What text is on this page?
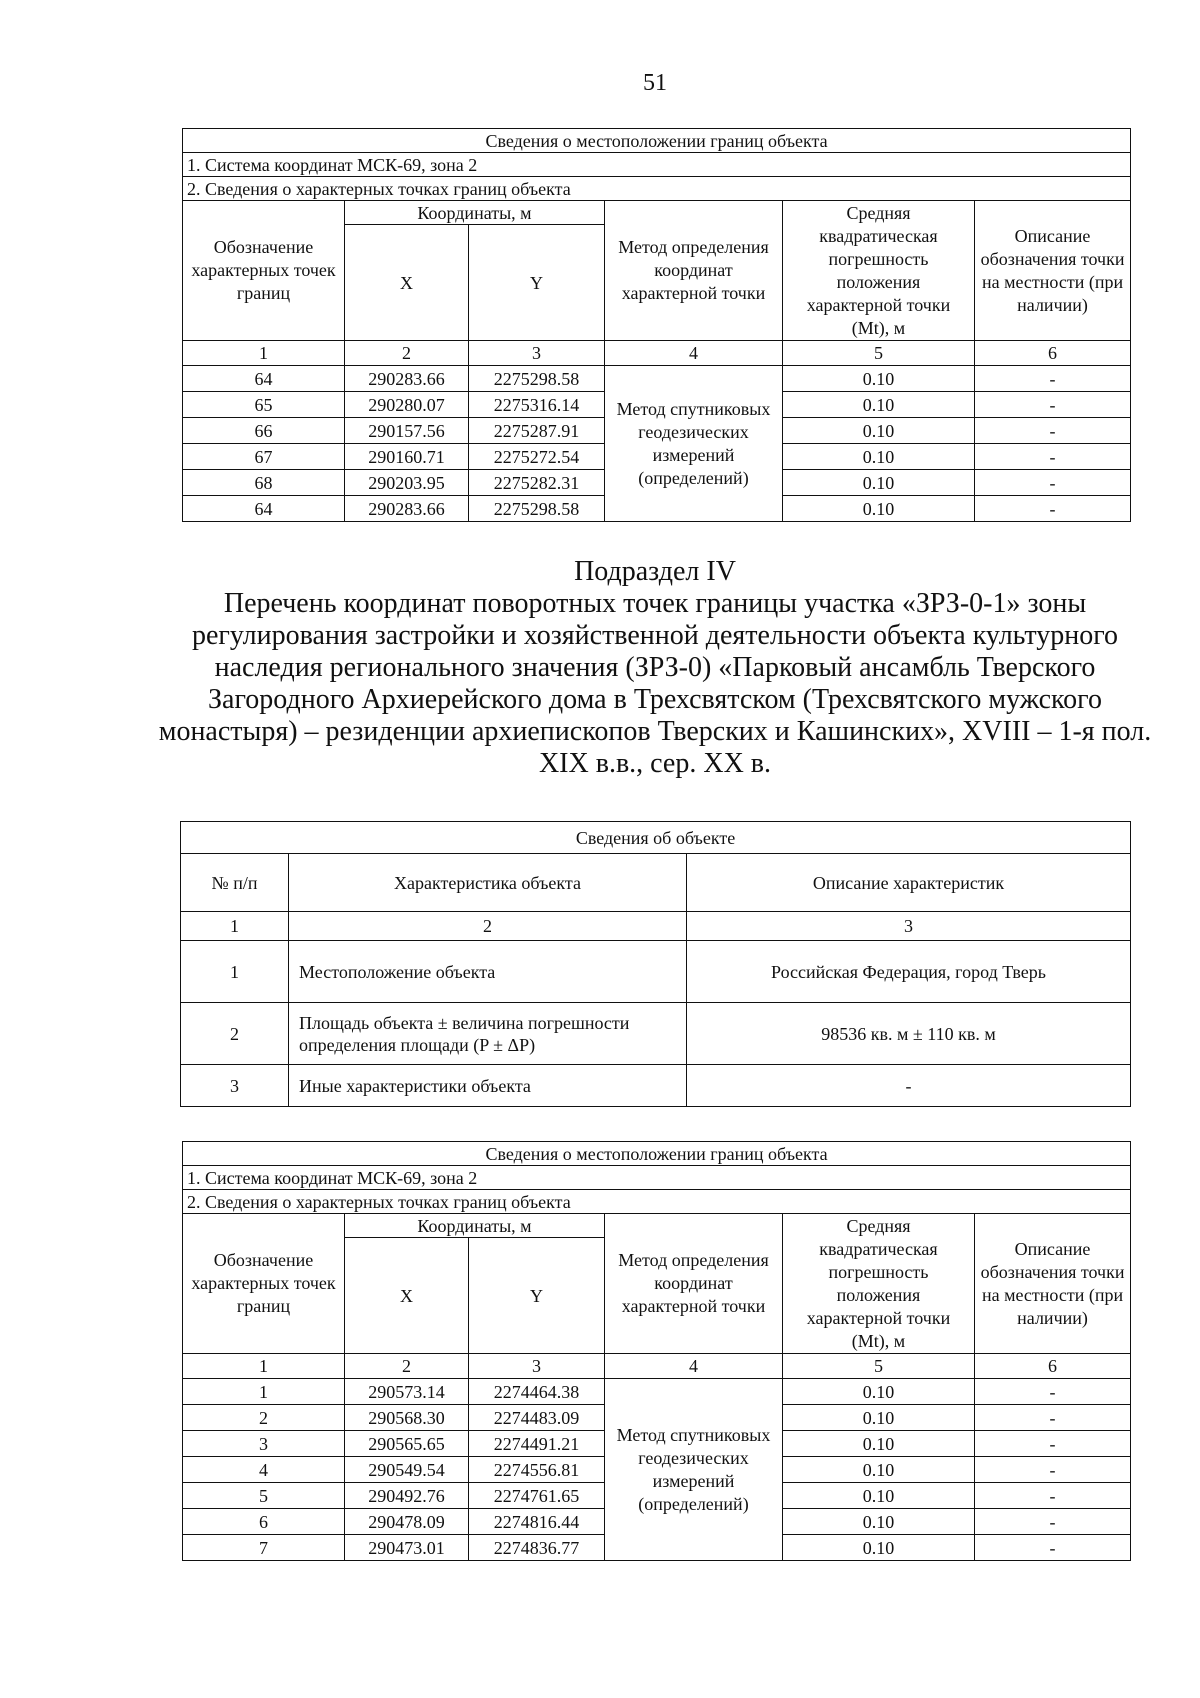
51
Сведения о местоположении границ объекта					
1. Система координат МСК-69, зона 2					
2. Сведения о характерных точках границ объекта					
Обозначение характерных точек границ	Координаты, м		Метод определения координат характерной точки	Средняя квадратическая погрешность положения характерной точки (Mt), м	Описание обозначения точки на местности (при наличии)
	X	Y			
1	2	3	4	5	6
64	290283.66	2275298.58	Метод спутниковых геодезических измерений (определений)	0.10	-
65	290280.07	2275316.14		0.10	-
66	290157.56	2275287.91		0.10	-
67	290160.71	2275272.54		0.10	-
68	290203.95	2275282.31		0.10	-
64	290283.66	2275298.58		0.10	-
Подраздел IV
Перечень координат поворотных точек границы участка «ЗРЗ-0-1» зоны регулирования застройки и хозяйственной деятельности объекта культурного наследия регионального значения (ЗРЗ-0) «Парковый ансамбль Тверского Загородного Архиерейского дома в Трехсвятском (Трехсвятского мужского монастыря) – резиденции архиепископов Тверских и Кашинских», XVIII – 1-я пол. XIX в.в., сер. XX в.
Сведения об объекте		
№ п/п	Характеристика объекта	Описание характеристик
1	2	3
1	Местоположение объекта	Российская Федерация, город Тверь
2	Площадь объекта ± величина погрешности определения площади (P ± ΔP)	98536 кв. м ± 110 кв. м
3	Иные характеристики объекта	-
Сведения о местоположении границ объекта					
1. Система координат МСК-69, зона 2					
2. Сведения о характерных точках границ объекта					
Обозначение характерных точек границ	Координаты, м		Метод определения координат характерной точки	Средняя квадратическая погрешность положения характерной точки (Mt), м	Описание обозначения точки на местности (при наличии)
	X	Y			
1	2	3	4	5	6
1	290573.14	2274464.38	Метод спутниковых геодезических измерений (определений)	0.10	-
2	290568.30	2274483.09		0.10	-
3	290565.65	2274491.21		0.10	-
4	290549.54	2274556.81		0.10	-
5	290492.76	2274761.65		0.10	-
6	290478.09	2274816.44		0.10	-
7	290473.01	2274836.77		0.10	-
